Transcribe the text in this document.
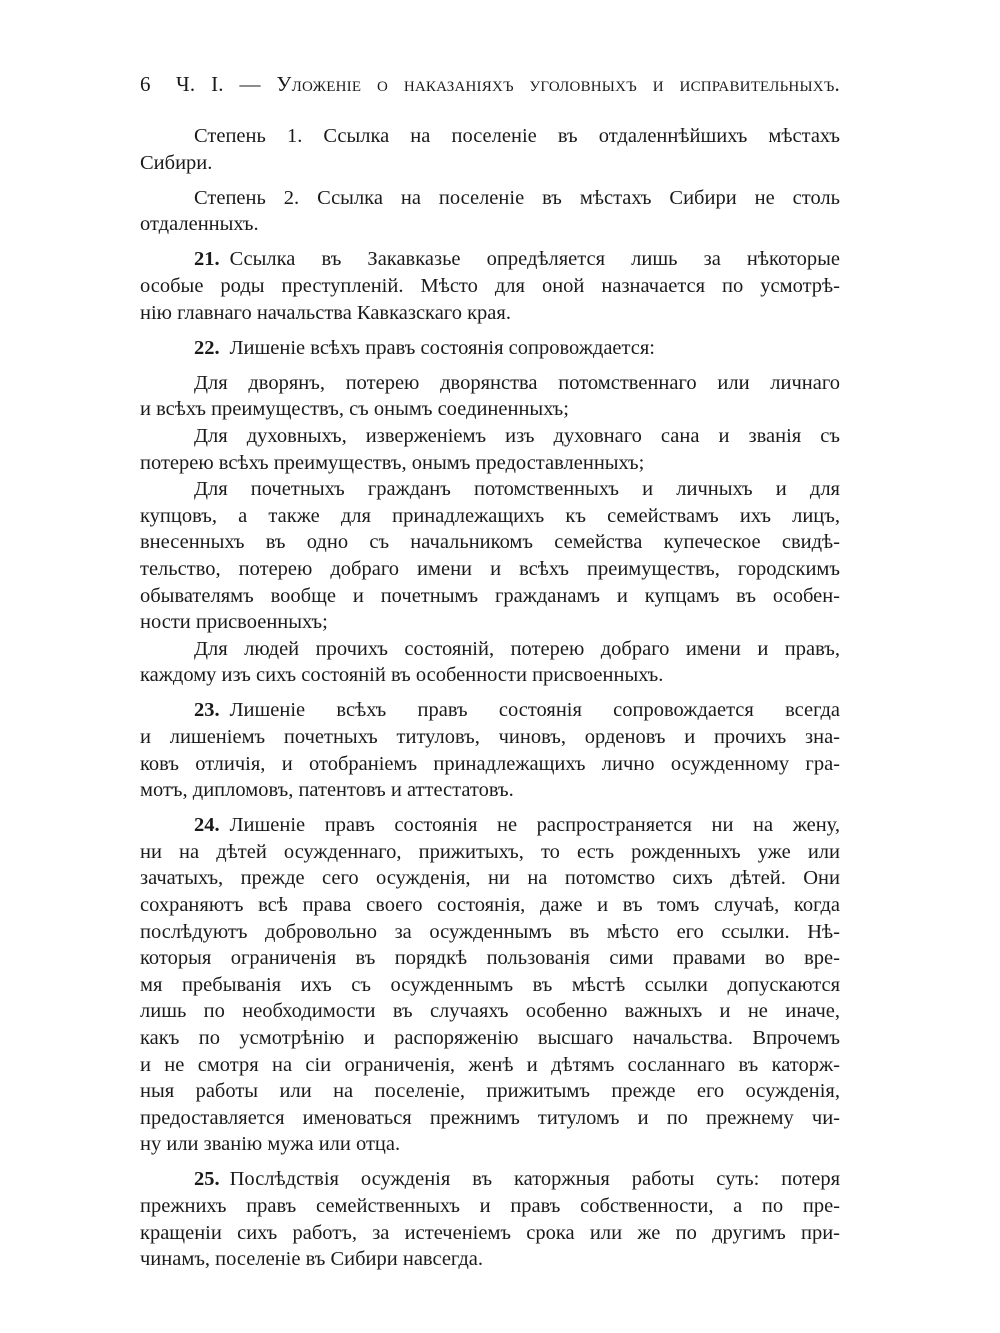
6	Ч. I. — Уложеніе о наказаніяхъ уголовныхъ и исправительныхъ.
Степень 1. Ссылка на поселеніе въ отдаленнѣйшихъ мѣстахъ
Сибири.
Степень 2. Ссылка на поселеніе въ мѣстахъ Сибири не столь
отдаленныхъ.
21. Ссылка въ Закавказье опредѣляется лишь за нѣкоторые
особые роды преступленій. Мѣсто для оной назначается по усмотрѣ-
нію главнаго начальства Кавказскаго края.
22. Лишеніе всѣхъ правъ состоянія сопровождается:
Для дворянъ, потерею дворянства потомственнаго или личнаго
и всѣхъ преимуществъ, съ онымъ соединенныхъ;
Для духовныхъ, изверженіемъ изъ духовнаго сана и званія съ
потерею всѣхъ преимуществъ, онымъ предоставленныхъ;
Для почетныхъ гражданъ потомственныхъ и личныхъ и для
купцовъ, а также для принадлежащихъ къ семействамъ ихъ лицъ,
внесенныхъ въ одно съ начальникомъ семейства купеческое свидѣ-
тельство, потерею добраго имени и всѣхъ преимуществъ, городскимъ
обывателямъ вообще и почетнымъ гражданамъ и купцамъ въ особен-
ности присвоенныхъ;
Для людей прочихъ состояній, потерею добраго имени и правъ,
каждому изъ сихъ состояній въ особенности присвоенныхъ.
23. Лишеніе всѣхъ правъ состоянія сопровождается всегда
и лишеніемъ почетныхъ титуловъ, чиновъ, орденовъ и прочихъ зна-
ковъ отличія, и отобраніемъ принадлежащихъ лично осужденному гра-
мотъ, дипломовъ, патентовъ и аттестатовъ.
24. Лишеніе правъ состоянія не распространяется ни на жену,
ни на дѣтей осужденнаго, прижитыхъ, то есть рожденныхъ уже или
зачатыхъ, прежде сего осужденія, ни на потомство сихъ дѣтей. Они
сохраняютъ всѣ права своего состоянія, даже и въ томъ случаѣ, когда
послѣдуютъ добровольно за осужденнымъ въ мѣсто его ссылки. Нѣ-
которыя ограниченія въ порядкѣ пользованія сими правами во вре-
мя пребыванія ихъ съ осужденнымъ въ мѣстѣ ссылки допускаются
лишь по необходимости въ случаяхъ особенно важныхъ и не иначе,
какъ по усмотрѣнію и распоряженію высшаго начальства. Впрочемъ
и не смотря на сіи ограниченія, женѣ и дѣтямъ сосланнаго въ каторж-
ныя работы или на поселеніе, прижитымъ прежде его осужденія,
предоставляется именоваться прежнимъ титуломъ и по прежнему чи-
ну или званію мужа или отца.
25. Послѣдствія осужденія въ каторжныя работы суть: потеря
прежнихъ правъ семейственныхъ и правъ собственности, а по пре-
кращеніи сихъ работъ, за истеченіемъ срока или же по другимъ при-
чинамъ, поселеніе въ Сибири навсегда.
